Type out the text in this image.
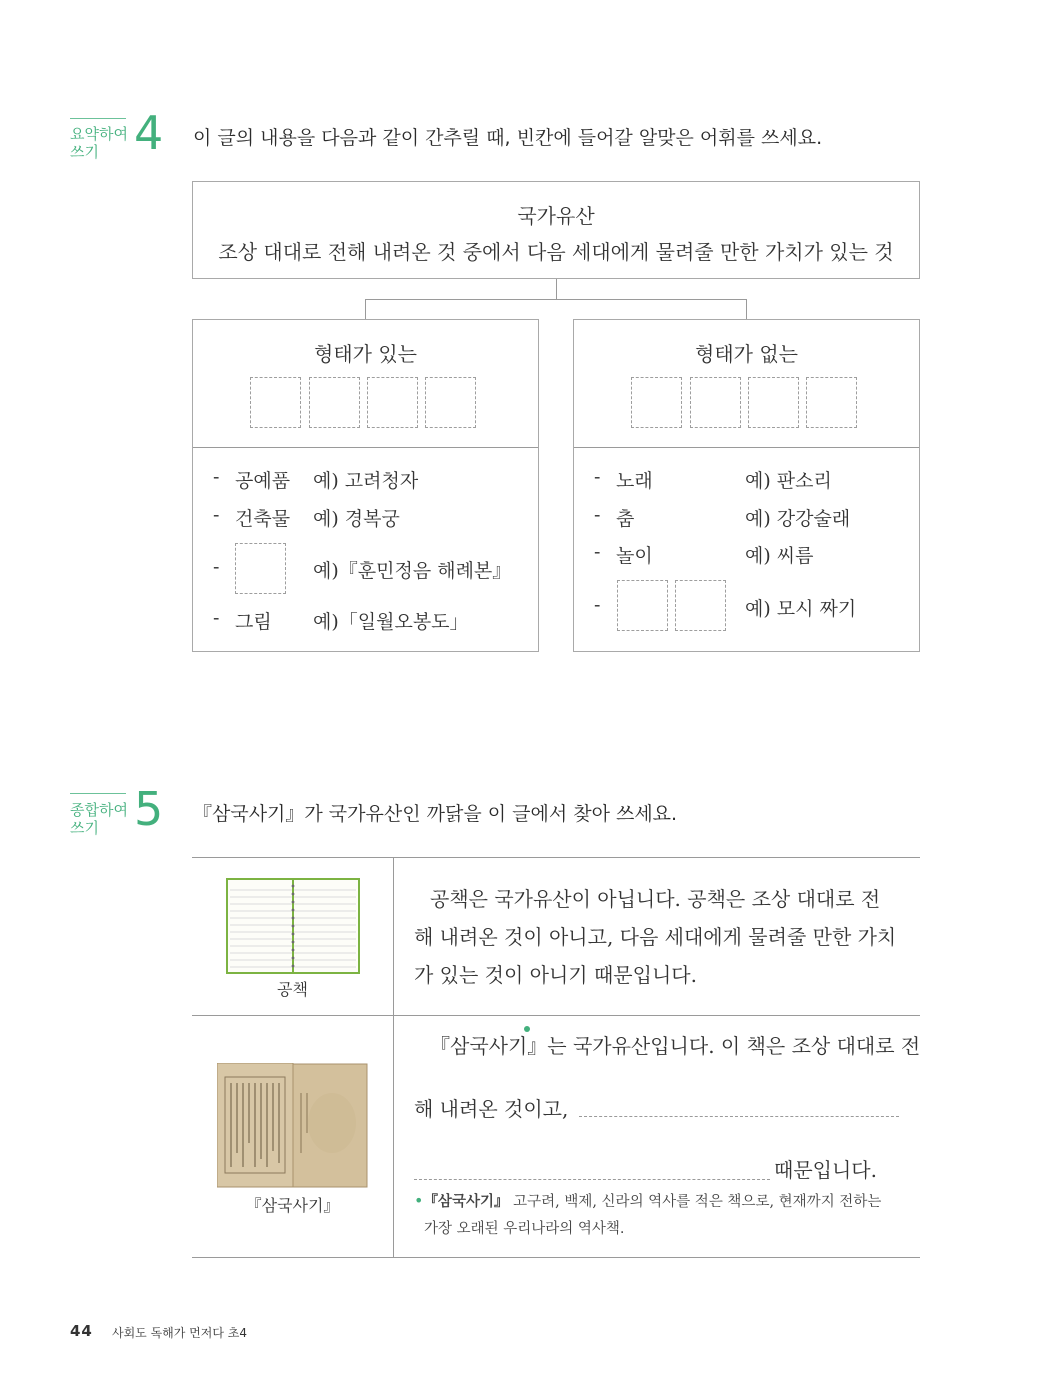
요약하여
쓰기 4 이 글의 내용을 다음과 같이 간추릴 때, 빈칸에 들어갈 알맞은 어휘를 쓰세요.
국가유산
조상 대대로 전해 내려온 것 중에서 다음 세대에게 물려줄 만한 가치가 있는 것
형태가 있는
- 공예품 예) 고려청자
- 건축물 예) 경복궁
-	예)『훈민정음 해례본』
- 그림 예)「일월오봉도」
형태가 없는
- 노래	예) 판소리
- 춤	예) 강강술래
- 놀이	예) 씨름
-	예) 모시 짜기
종합하여
쓰기 5 『삼국사기』가 국가유산인 까닭을 이 글에서 찾아 쓰세요.
공책
공책은 국가유산이 아닙니다. 공책은 조상 대대로 전
해 내려온 것이 아니고, 다음 세대에게 물려줄 만한 가치
가 있는 것이 아니기 때문입니다.
『삼국사기』
『삼국사기』는 국가유산입니다. 이 책은 조상 대대로 전
해 내려온 것이고,
때문입니다.
•『삼국사기』 고구려, 백제, 신라의 역사를 적은 책으로, 현재까지 전하는
가장 오래된 우리나라의 역사책.
44 사회도 독해가 먼저다 초4
